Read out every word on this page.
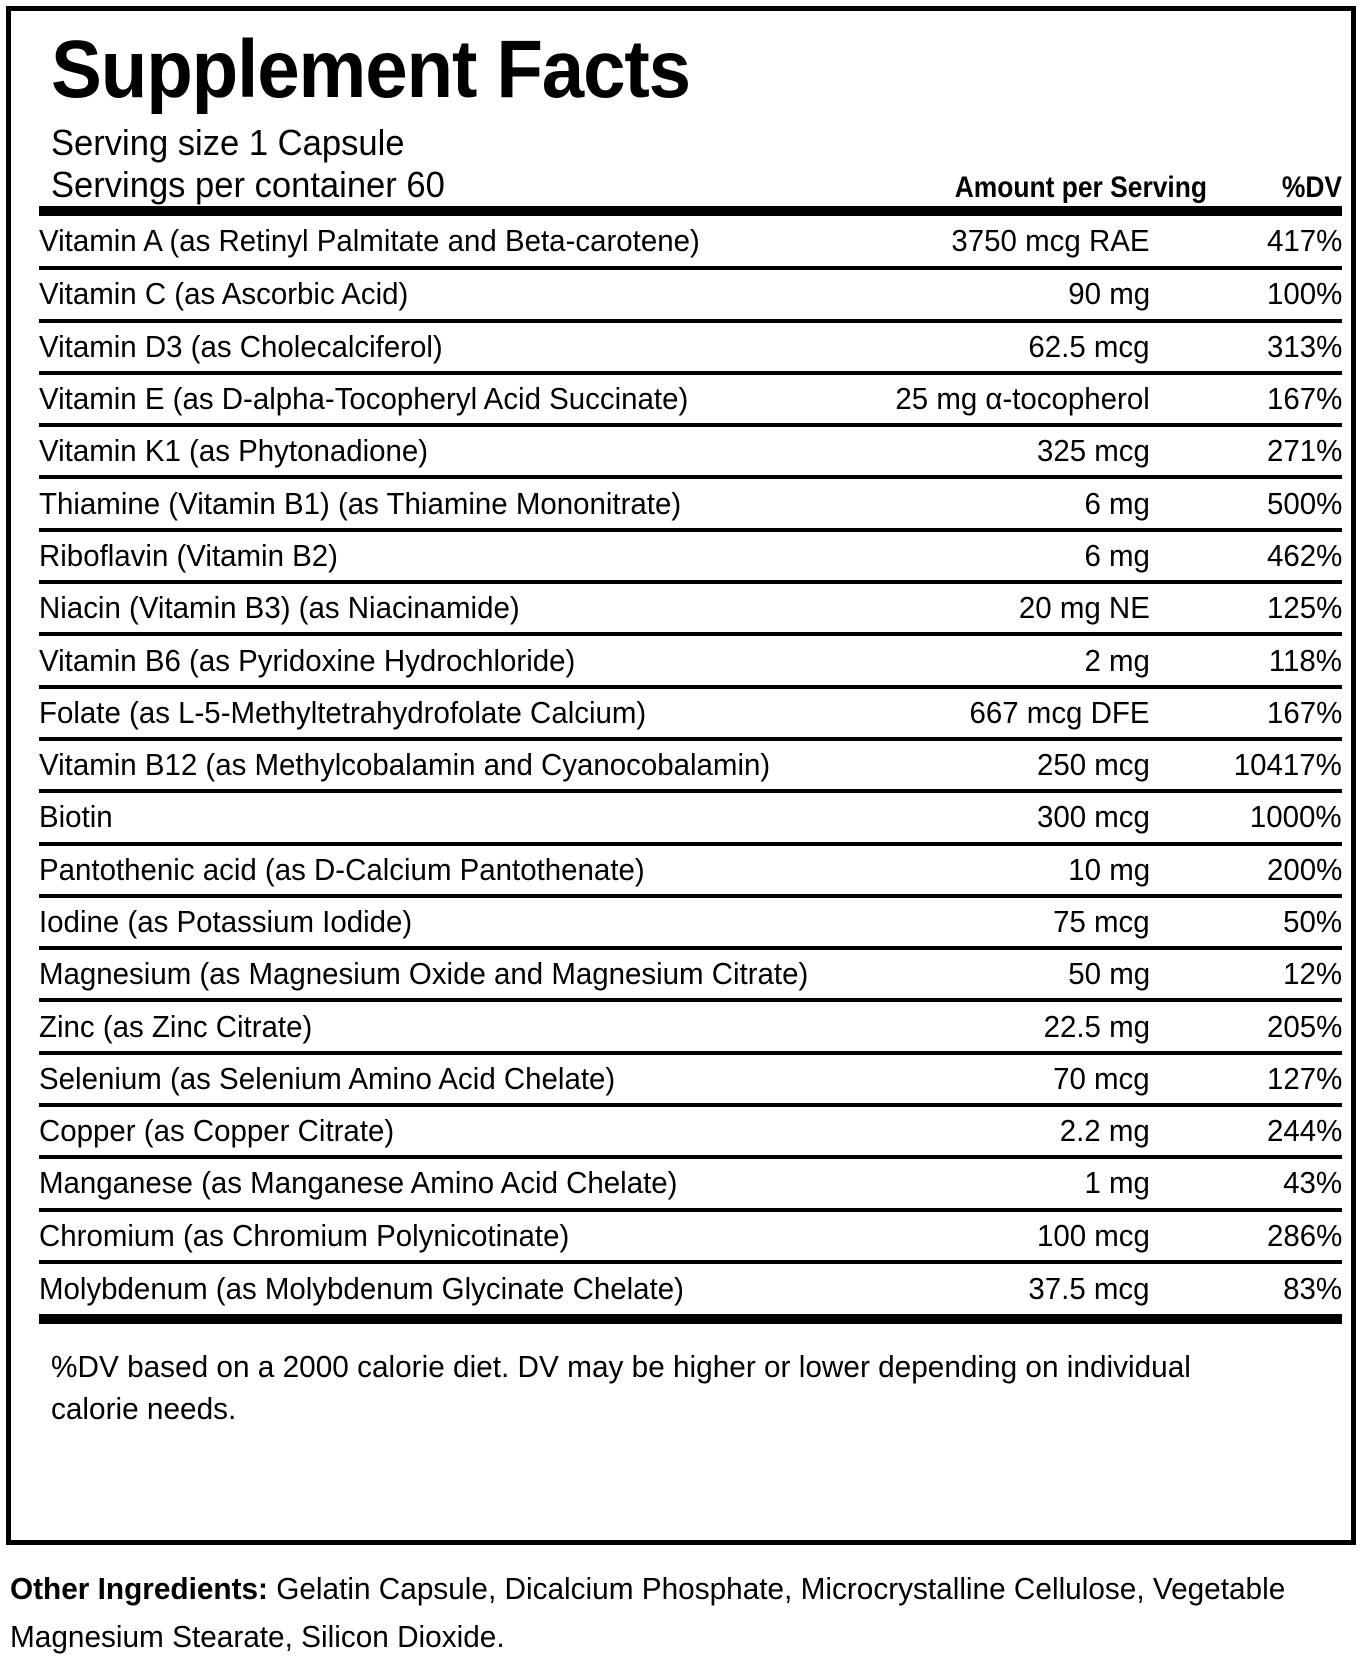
Supplement Facts
Serving size 1 Capsule
Servings per container 60	Amount per Serving	%DV
Vitamin A (as Retinyl Palmitate and Beta-carotene)	3750 mcg RAE	417%
Vitamin C (as Ascorbic Acid)	90 mg	100%
Vitamin D3 (as Cholecalciferol)	62.5 mcg	313%
Vitamin E (as D-alpha-Tocopheryl Acid Succinate)	25 mg α-tocopherol	167%
Vitamin K1 (as Phytonadione)	325 mcg	271%
Thiamine (Vitamin B1) (as Thiamine Mononitrate)	6 mg	500%
Riboflavin (Vitamin B2)	6 mg	462%
Niacin (Vitamin B3) (as Niacinamide)	20 mg NE	125%
Vitamin B6 (as Pyridoxine Hydrochloride)	2 mg	118%
Folate (as L-5-Methyltetrahydrofolate Calcium)	667 mcg DFE	167%
Vitamin B12 (as Methylcobalamin and Cyanocobalamin)	250 mcg	10417%
Biotin	300 mcg	1000%
Pantothenic acid (as D-Calcium Pantothenate)	10 mg	200%
Iodine (as Potassium Iodide)	75 mcg	50%
Magnesium (as Magnesium Oxide and Magnesium Citrate)	50 mg	12%
Zinc (as Zinc Citrate)	22.5 mg	205%
Selenium (as Selenium Amino Acid Chelate)	70 mcg	127%
Copper (as Copper Citrate)	2.2 mg	244%
Manganese (as Manganese Amino Acid Chelate)	1 mg	43%
Chromium (as Chromium Polynicotinate)	100 mcg	286%
Molybdenum (as Molybdenum Glycinate Chelate)	37.5 mcg	83%
%DV based on a 2000 calorie diet. DV may be higher or lower depending on individual
calorie needs.
Other Ingredients: Gelatin Capsule, Dicalcium Phosphate, Microcrystalline Cellulose, Vegetable Magnesium Stearate, Silicon Dioxide.
